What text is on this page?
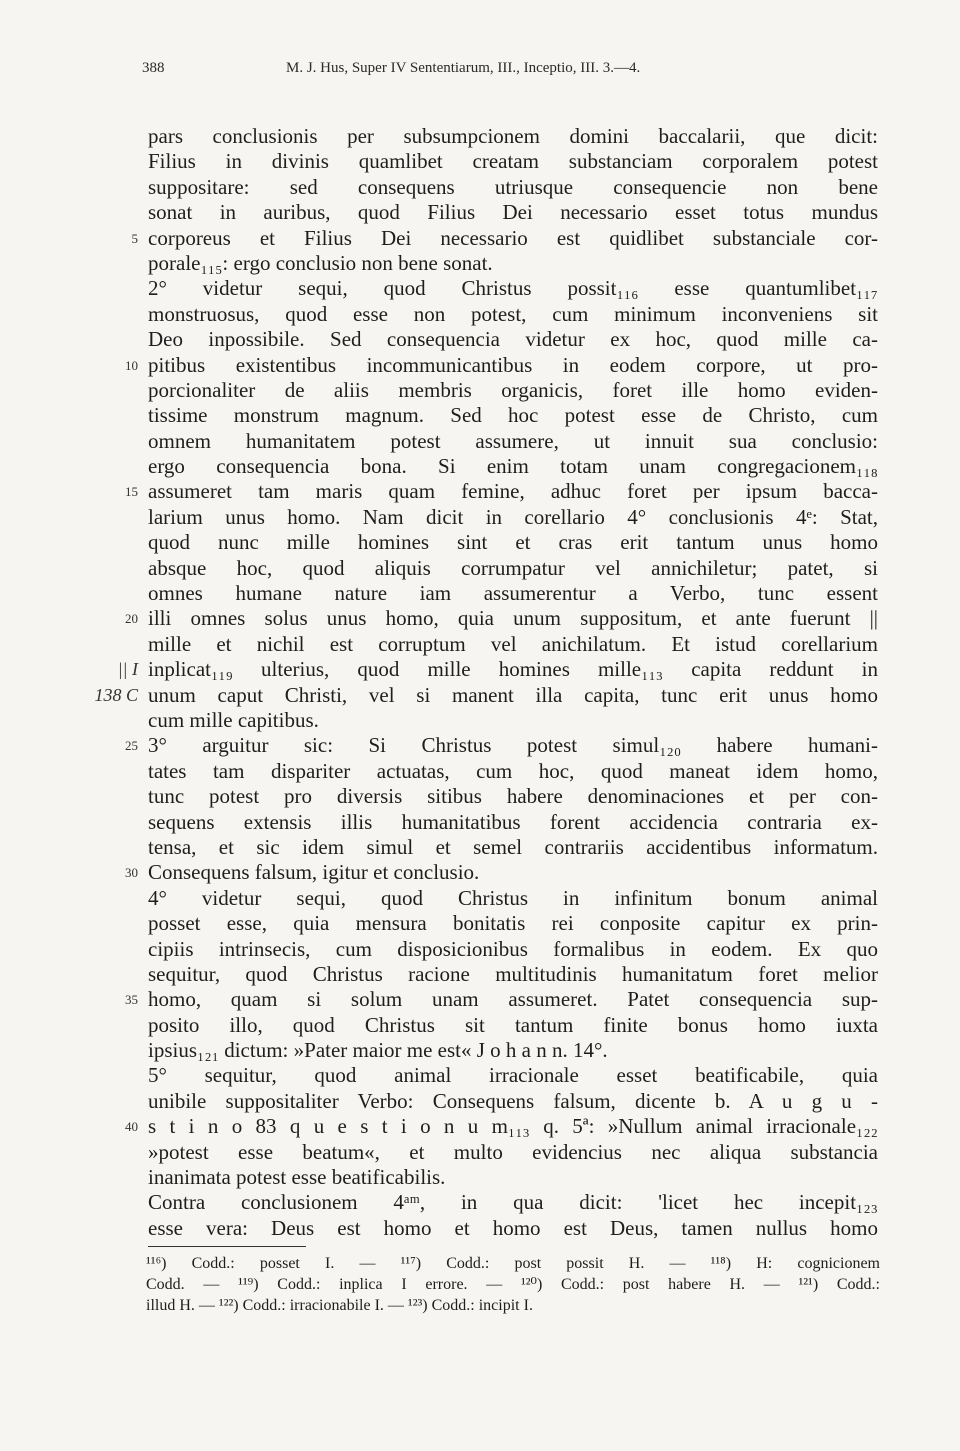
388	M. J. Hus, Super IV Sententiarum, III., Inceptio, III. 3.—4.
pars conclusionis per subsumpcionem domini baccalarii, que dicit:
Filius in divinis quamlibet creatam substanciam corporalem potest
suppositare: sed consequens utriusque consequencie non bene
sonat in auribus, quod Filius Dei necessario esset totus mundus
corporeus et Filius Dei necessario est quidlibet substanciale cor-
5
porale₁₁₅: ergo conclusio non bene sonat.
2° videtur sequi, quod Christus possit₁₁₆ esse quantumlibet₁₁₇
monstruosus, quod esse non potest, cum minimum inconveniens sit
Deo inpossibile. Sed consequencia videtur ex hoc, quod mille ca-
pitibus existentibus incommunicantibus in eodem corpore, ut pro-
10
porcionaliter de aliis membris organicis, foret ille homo eviden-
tissime monstrum magnum. Sed hoc potest esse de Christo, cum
omnem humanitatem potest assumere, ut innuit sua conclusio:
ergo consequencia bona. Si enim totam unam congregacionem₁₁₈
assumeret tam maris quam femine, adhuc foret per ipsum bacca-
15
larium unus homo. Nam dicit in corellario 4° conclusionis 4ᵉ: Stat,
quod nunc mille homines sint et cras erit tantum unus homo
absque hoc, quod aliquis corrumpatur vel annichiletur; patet, si
omnes humane nature iam assumerentur a Verbo, tunc essent
illi omnes solus unus homo, quia unum suppositum, et ante fuerunt ||
20
mille et nichil est corruptum vel anichilatum. Et istud corellarium
inplicat₁₁₉ ulterius, quod mille homines mille₁₁₃ capita reddunt in
|| I
unum caput Christi, vel si manent illa capita, tunc erit unus homo
138 C
cum mille capitibus.
3° arguitur sic: Si Christus potest simul₁₂₀ habere humani-
25
tates tam dispariter actuatas, cum hoc, quod maneat idem homo,
tunc potest pro diversis sitibus habere denominaciones et per con-
sequens extensis illis humanitatibus forent accidencia contraria ex-
tensa, et sic idem simul et semel contrariis accidentibus informatum.
Consequens falsum, igitur et conclusio.
30
4° videtur sequi, quod Christus in infinitum bonum animal
posset esse, quia mensura bonitatis rei conposite capitur ex prin-
cipiis intrinsecis, cum disposicionibus formalibus in eodem. Ex quo
sequitur, quod Christus racione multitudinis humanitatum foret melior
homo, quam si solum unam assumeret. Patet consequencia sup-
35
posito illo, quod Christus sit tantum finite bonus homo iuxta
ipsius₁₂₁ dictum: »Pater maior me est« J o h a n n. 14°.
5° sequitur, quod animal irracionale esset beatificabile, quia
unibile suppositaliter Verbo: Consequens falsum, dicente b. A u g u -
s t i n o 83 q u e s t i o n u m₁₁₃ q. 5ª: »Nullum animal irracionale₁₂₂
40
»potest esse beatum«, et multo evidencius nec aliqua substancia
inanimata potest esse beatificabilis.
Contra conclusionem 4ᵃᵐ, in qua dicit: 'licet hec incepit₁₂₃
esse vera: Deus est homo et homo est Deus, tamen nullus homo
¹¹⁶) Codd.: posset I. — ¹¹⁷) Codd.: post possit H. — ¹¹⁸) H: cognicionem
Codd. — ¹¹⁹) Codd.: inplica I errore. — ¹²⁰) Codd.: post habere H. — ¹²¹) Codd.:
illud H. — ¹²²) Codd.: irracionabile I. — ¹²³) Codd.: incipit I.
